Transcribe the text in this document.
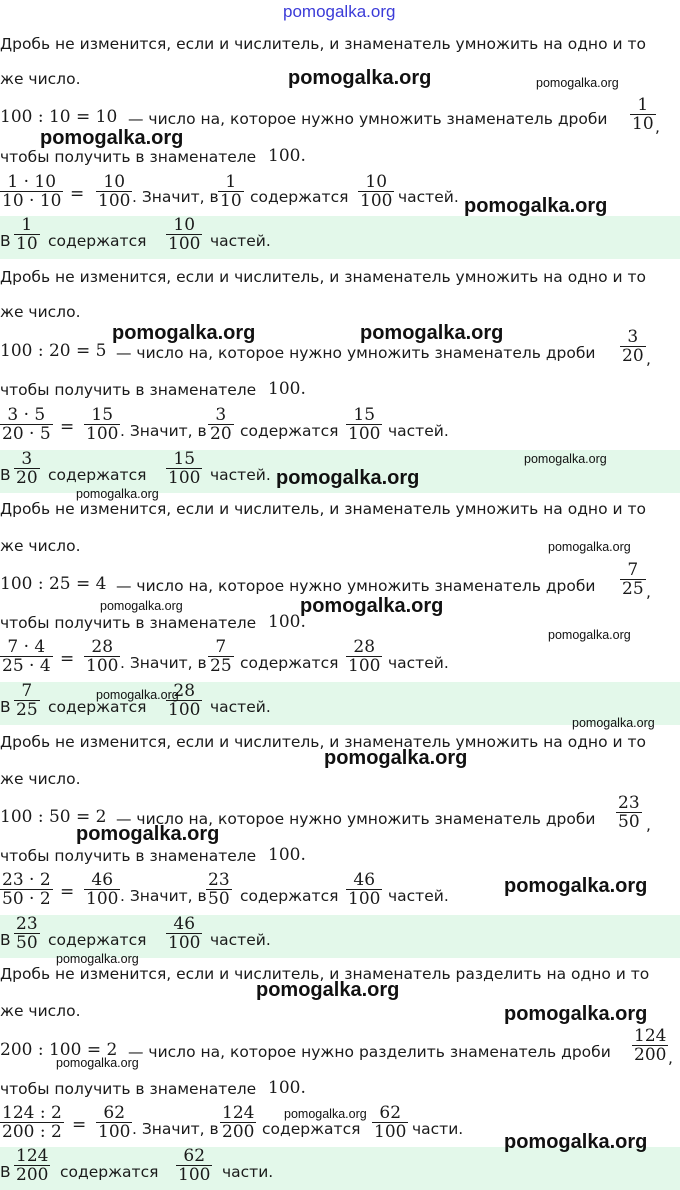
pomogalka.org
Дробь не изменится, если и числитель, и знаменатель умножить на одно и то
же число.
100 : 10 = 10 — число на, которое нужно умножить знаменатель дроби $\frac{1}{10}$ ,
чтобы получить в знаменателе 100.
$\frac{1 \cdot 10}{10 \cdot 10} = \frac{10}{100}$ . Значит, в $\frac{1}{10}$ содержатся $\frac{10}{100}$ частей.
В $\frac{1}{10}$ содержатся $\frac{10}{100}$ частей.
Дробь не изменится, если и числитель, и знаменатель умножить на одно и то
же число.
100 : 20 = 5 — число на, которое нужно умножить знаменатель дроби $\frac{3}{20}$ ,
чтобы получить в знаменателе 100.
$\frac{3 \cdot 5}{20 \cdot 5} = \frac{15}{100}$ . Значит, в $\frac{3}{20}$ содержатся $\frac{15}{100}$ частей.
В $\frac{3}{20}$ содержатся $\frac{15}{100}$ частей.
Дробь не изменится, если и числитель, и знаменатель умножить на одно и то
же число.
100 : 25 = 4 — число на, которое нужно умножить знаменатель дроби $\frac{7}{25}$ ,
чтобы получить в знаменателе 100.
$\frac{7 \cdot 4}{25 \cdot 4} = \frac{28}{100}$ . Значит, в $\frac{7}{25}$ содержатся $\frac{28}{100}$ частей.
В $\frac{7}{25}$ содержатся $\frac{28}{100}$ частей.
Дробь не изменится, если и числитель, и знаменатель умножить на одно и то
же число.
100 : 50 = 2 — число на, которое нужно умножить знаменатель дроби $\frac{23}{50}$ ,
чтобы получить в знаменателе 100.
$\frac{23 \cdot 2}{50 \cdot 2} = \frac{46}{100}$ . Значит, в $\frac{23}{50}$ содержатся $\frac{46}{100}$ частей.
В $\frac{23}{50}$ содержатся $\frac{46}{100}$ частей.
Дробь не изменится, если и числитель, и знаменатель разделить на одно и то
же число.
200 : 100 = 2 — число на, которое нужно разделить знаменатель дроби $\frac{124}{200}$ ,
чтобы получить в знаменателе 100.
$\frac{124 : 2}{200 : 2} = \frac{62}{100}$ . Значит, в $\frac{124}{200}$ содержатся $\frac{62}{100}$ части.
В $\frac{124}{200}$ содержатся $\frac{62}{100}$ части.
pomogalka.org	pomogalka.org
pomogalka.org
pomogalka.org
pomogalka.org	pomogalka.org
pomogalka.org
pomogalka.org
pomogalka.org
pomogalka.org
pomogalka.org	pomogalka.org
pomogalka.org
pomogalka.org
pomogalka.org
pomogalka.org
pomogalka.org
pomogalka.org
pomogalka.org
pomogalka.org
pomogalka.org
pomogalka.org
pomogalka.org
pomogalka.org
